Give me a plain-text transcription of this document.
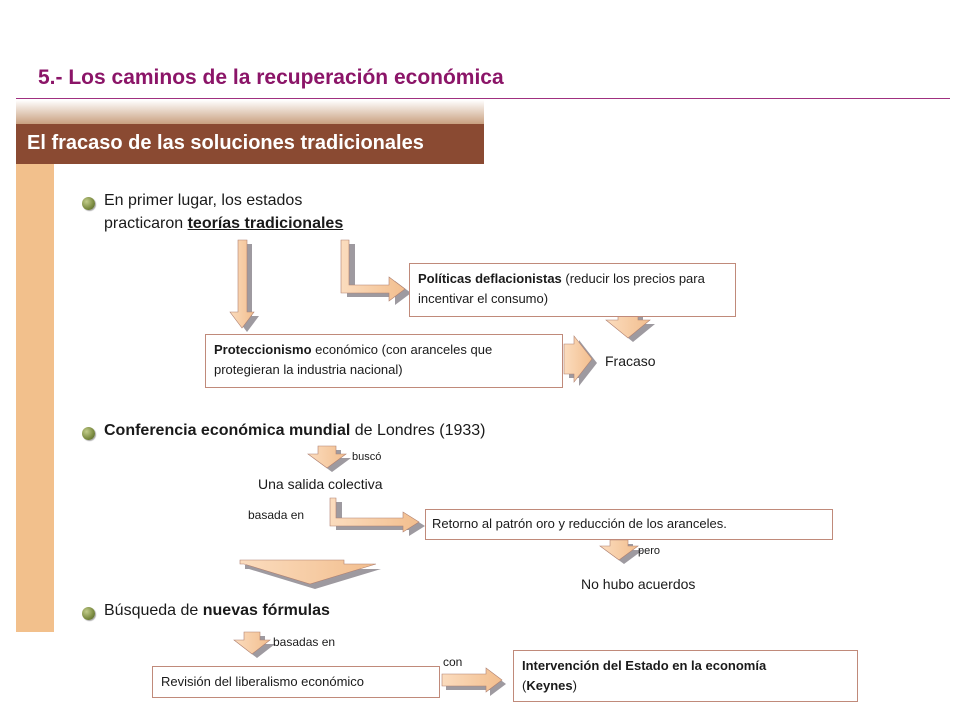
5.- Los caminos de la recuperación económica
El fracaso de las soluciones tradicionales
En primer lugar, los estados
practicaron teorías tradicionales
Políticas deflacionistas (reducir los precios para incentivar el consumo)
Proteccionismo económico (con aranceles que protegieran la industria nacional)
Fracaso
Conferencia económica mundial de Londres (1933)
buscó
Una salida colectiva
basada en
Retorno al patrón oro y reducción de los aranceles.
pero
No hubo acuerdos
Búsqueda de nuevas fórmulas
basadas en
Revisión del liberalismo económico
con	Intervención del Estado en la economía
(Keynes)
